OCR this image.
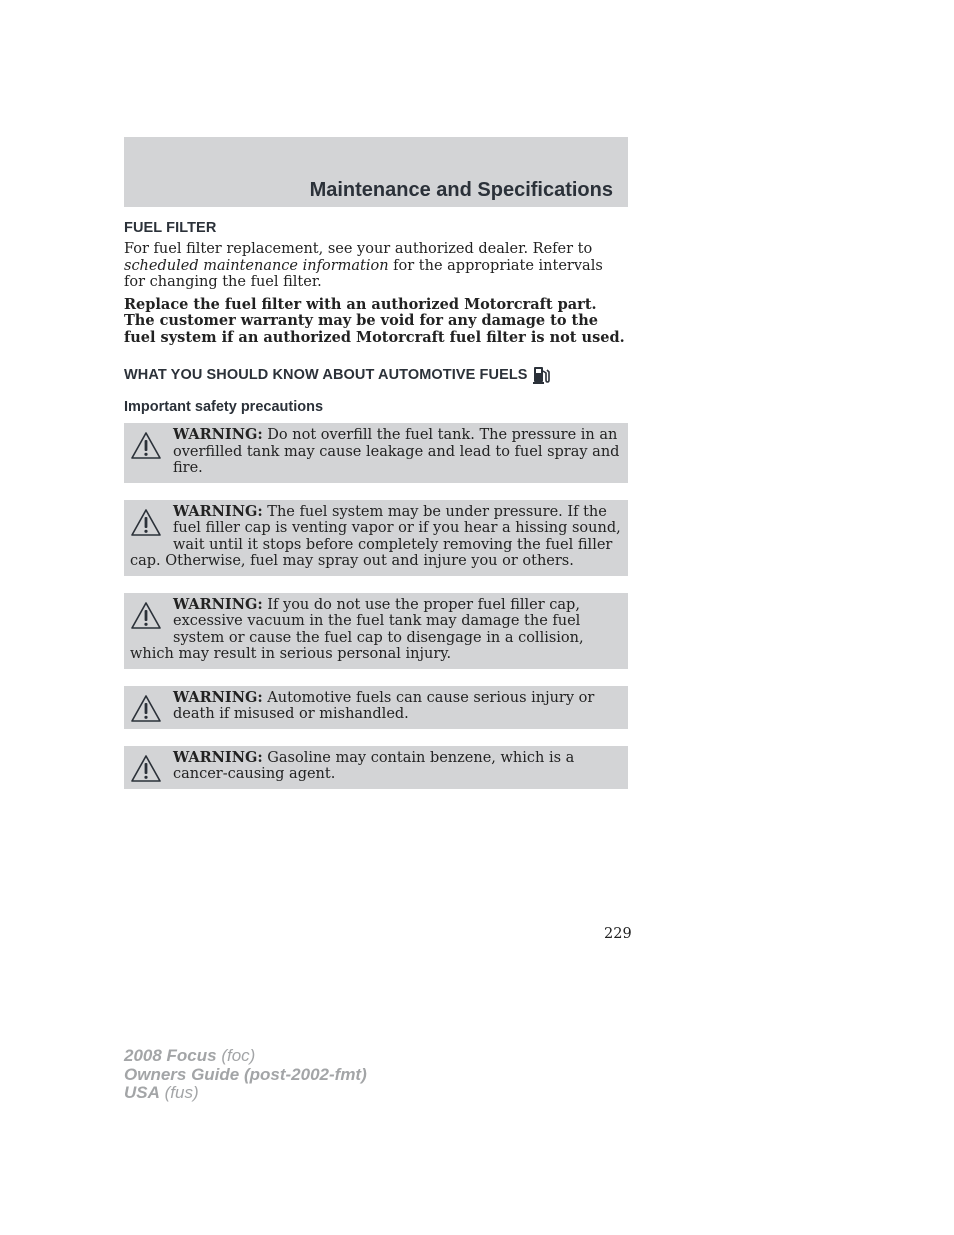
Maintenance and Specifications
FUEL FILTER

For fuel filter replacement, see your authorized dealer. Refer to scheduled maintenance information for the appropriate intervals for changing the fuel filter.

Replace the fuel filter with an authorized Motorcraft part. The customer warranty may be void for any damage to the fuel system if an authorized Motorcraft fuel filter is not used.

WHAT YOU SHOULD KNOW ABOUT AUTOMOTIVE FUELS
Important safety precautions
WARNING: Do not overfill the fuel tank. The pressure in an overfilled tank may cause leakage and lead to fuel spray and fire.
WARNING: The fuel system may be under pressure. If the fuel filler cap is venting vapor or if you hear a hissing sound, wait until it stops before completely removing the fuel filler cap. Otherwise, fuel may spray out and injure you or others.
WARNING: If you do not use the proper fuel filler cap, excessive vacuum in the fuel tank may damage the fuel system or cause the fuel cap to disengage in a collision, which may result in serious personal injury.
WARNING: Automotive fuels can cause serious injury or death if misused or mishandled.
WARNING: Gasoline may contain benzene, which is a cancer-causing agent.
229
2008 Focus (foc)
Owners Guide (post-2002-fmt)
USA (fus)
